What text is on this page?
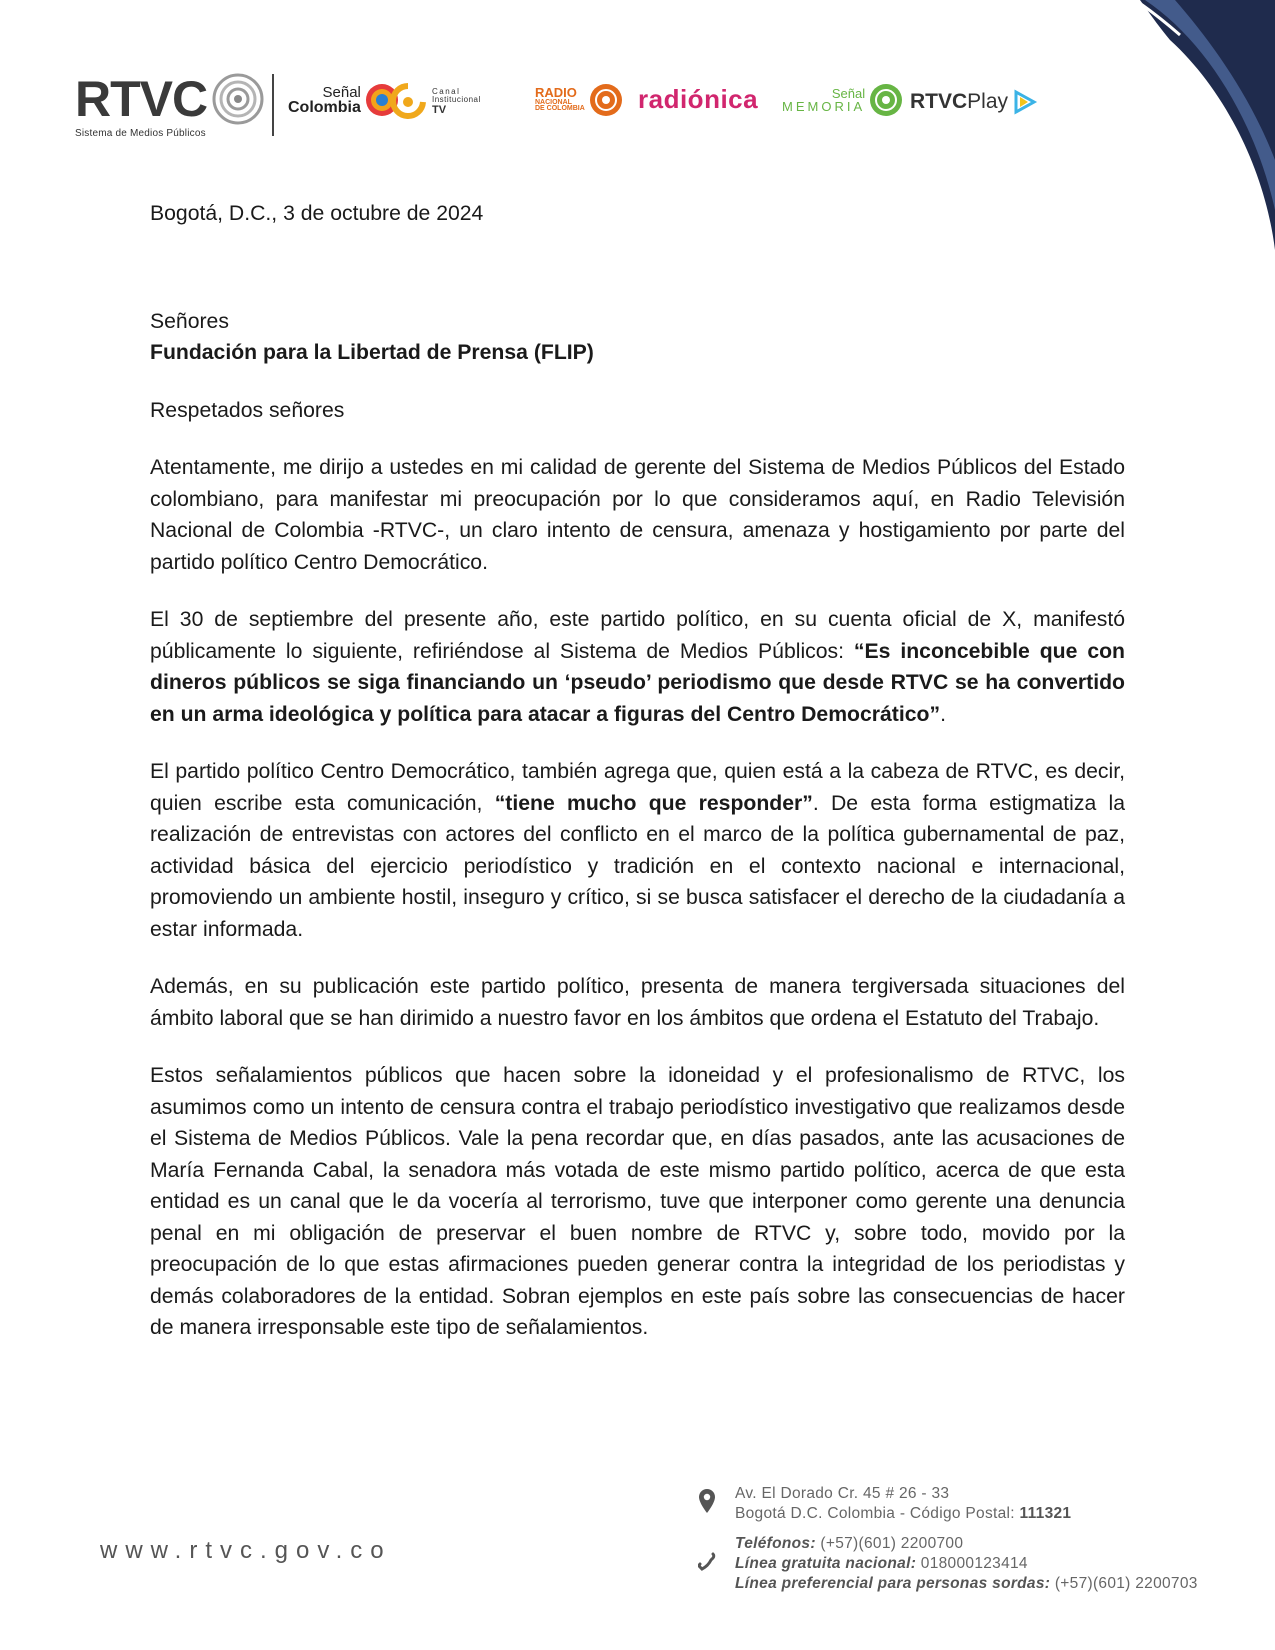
RTVC
Sistema de Medios Públicos
Señal
Colombia
Canal
Institucional
TV
RADIO
NACIONAL
DE COLOMBIA radiónica	Señal
MEMORIA RTVCPlay

Bogotá, D.C., 3 de octubre de 2024

Señores

Fundación para la Libertad de Prensa (FLIP)

Respetados señores

Atentamente, me dirijo a ustedes en mi calidad de gerente del Sistema de Medios Públicos del Estado colombiano, para manifestar mi preocupación por lo que consideramos aquí, en Radio Televisión Nacional de Colombia -RTVC-, un claro intento de censura, amenaza y hostigamiento por parte del partido político Centro Democrático.

El 30 de septiembre del presente año, este partido político, en su cuenta oficial de X, manifestó públicamente lo siguiente, refiriéndose al Sistema de Medios Públicos: “Es inconcebible que con dineros públicos se siga financiando un ‘pseudo’ periodismo que desde RTVC se ha convertido en un arma ideológica y política para atacar a figuras del Centro Democrático”.

El partido político Centro Democrático, también agrega que, quien está a la cabeza de RTVC, es decir, quien escribe esta comunicación, “tiene mucho que responder”. De esta forma estigmatiza la realización de entrevistas con actores del conflicto en el marco de la política gubernamental de paz, actividad básica del ejercicio periodístico y tradición en el contexto nacional e internacional, promoviendo un ambiente hostil, inseguro y crítico, si se busca satisfacer el derecho de la ciudadanía a estar informada.

Además, en su publicación este partido político, presenta de manera tergiversada situaciones del ámbito laboral que se han dirimido a nuestro favor en los ámbitos que ordena el Estatuto del Trabajo.

Estos señalamientos públicos que hacen sobre la idoneidad y el profesionalismo de RTVC, los asumimos como un intento de censura contra el trabajo periodístico investigativo que realizamos desde el Sistema de Medios Públicos. Vale la pena recordar que, en días pasados, ante las acusaciones de María Fernanda Cabal, la senadora más votada de este mismo partido político, acerca de que esta entidad es un canal que le da vocería al terrorismo, tuve que interponer como gerente una denuncia penal en mi obligación de preservar el buen nombre de RTVC y, sobre todo, movido por la preocupación de lo que estas afirmaciones pueden generar contra la integridad de los periodistas y demás colaboradores de la entidad. Sobran ejemplos en este país sobre las consecuencias de hacer de manera irresponsable este tipo de señalamientos.

www.rtvc.gov.co
Av. El Dorado Cr. 45 # 26 - 33
Bogotá D.C. Colombia - Código Postal: 111321
Teléfonos: (+57)(601) 2200700
Línea gratuita nacional: 018000123414
Línea preferencial para personas sordas: (+57)(601) 2200703
